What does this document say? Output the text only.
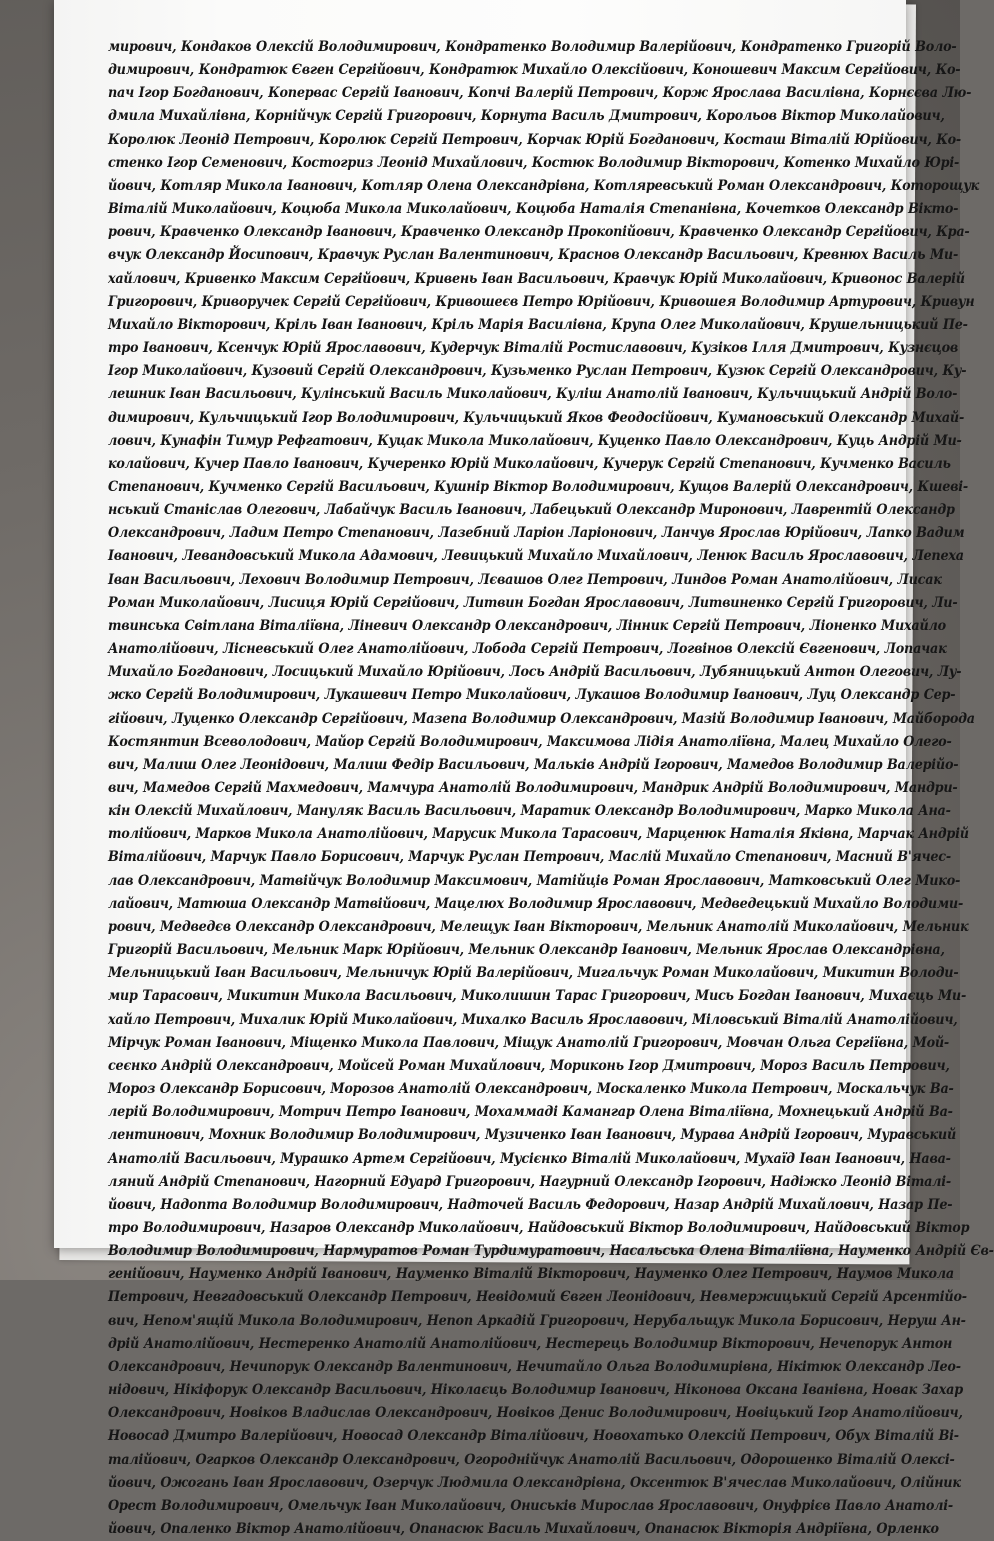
мирович, Кондаков Олексій Володимирович, Кондратенко Володимир Валерійович, Кондратенко Григорій Воло-
димирович, Кондратюк Євген Сергійович, Кондратюк Михайло Олексійович, Коношевич Максим Сергійович, Ко-
пач Ігор Богданович, Копервас Сергій Іванович, Копчі Валерій Петрович, Корж Ярослава Василівна, Корнєєва Лю-
дмила Михайлівна, Корнійчук Сергій Григорович, Корнута Василь Дмитрович, Корольов Віктор Миколайович,
Королюк Леонід Петрович, Королюк Сергій Петрович, Корчак Юрій Богданович, Косташ Віталій Юрійович, Ко-
стенко Ігор Семенович, Костогриз Леонід Михайлович, Костюк Володимир Вікторович, Котенко Михайло Юрі-
йович, Котляр Микола Іванович, Котляр Олена Олександрівна, Котляревський Роман Олександрович, Которощук
Віталій Миколайович, Коцюба Микола Миколайович, Коцюба Наталія Степанівна, Кочетков Олександр Вікто-
рович, Кравченко Олександр Іванович, Кравченко Олександр Прокопійович, Кравченко Олександр Сергійович, Кра-
вчук Олександр Йосипович, Кравчук Руслан Валентинович, Краснов Олександр Васильович, Кревнюх Василь Ми-
хайлович, Кривенко Максим Сергійович, Кривень Іван Васильович, Кравчук Юрій Миколайович, Кривонос Валерій
Григорович, Криворучек Сергій Сергійович, Кривошеєв Петро Юрійович, Кривошея Володимир Артурович, Кривун
Михайло Вікторович, Кріль Іван Іванович, Кріль Марія Василівна, Крупа Олег Миколайович, Крушельницький Пе-
тро Іванович, Ксенчук Юрій Ярославович, Кудерчук Віталій Ростиславович, Кузіков Ілля Дмитрович, Кузнєцов
Ігор Миколайович, Кузовий Сергій Олександрович, Кузьменко Руслан Петрович, Кузюк Сергій Олександрович, Ку-
лешник Іван Васильович, Кулінський Василь Миколайович, Куліш Анатолій Іванович, Кульчицький Андрій Воло-
димирович, Кульчицький Ігор Володимирович, Кульчицький Яков Феодосійович, Кумановський Олександр Михай-
лович, Кунафін Тимур Рефгатович, Куцак Микола Миколайович, Куценко Павло Олександрович, Куць Андрій Ми-
колайович, Кучер Павло Іванович, Кучеренко Юрій Миколайович, Кучерук Сергій Степанович, Кучменко Василь
Степанович, Кучменко Сергій Васильович, Кушнір Віктор Володимирович, Кущов Валерій Олександрович, Кшеві-
нський Станіслав Олегович, Лабайчук Василь Іванович, Лабецький Олександр Миронович, Лаврентій Олександр
Олександрович, Ладим Петро Степанович, Лазебний Ларіон Ларіонович, Ланчув Ярослав Юрійович, Лапко Вадим
Іванович, Левандовський Микола Адамович, Левицький Михайло Михайлович, Ленюк Василь Ярославович, Лепеха
Іван Васильович, Лехович Володимир Петрович, Лєвашов Олег Петрович, Линдов Роман Анатолійович, Лисак
Роман Миколайович, Лисиця Юрій Сергійович, Литвин Богдан Ярославович, Литвиненко Сергій Григорович, Ли-
твинська Світлана Віталіївна, Ліневич Олександр Олександрович, Лінник Сергій Петрович, Ліоненко Михайло
Анатолійович, Лісневський Олег Анатолійович, Лобода Сергій Петрович, Логвінов Олексій Євгенович, Лопачак
Михайло Богданович, Лосицький Михайло Юрійович, Лось Андрій Васильович, Лубяницький Антон Олегович, Лу-
жко Сергій Володимирович, Лукашевич Петро Миколайович, Лукашов Володимир Іванович, Луц Олександр Сер-
гійович, Луценко Олександр Сергійович, Мазепа Володимир Олександрович, Мазій Володимир Іванович, Майборода
Костянтин Всеволодович, Майор Сергій Володимирович, Максимова Лідія Анатоліївна, Малец Михайло Олего-
вич, Малиш Олег Леонідович, Малиш Федір Васильович, Мальків Андрій Ігорович, Мамедов Володимир Валерійо-
вич, Мамедов Сергій Махмедович, Мамчура Анатолій Володимирович, Мандрик Андрій Володимирович, Мандри-
кін Олексій Михайлович, Мануляк Василь Васильович, Маратик Олександр Володимирович, Марко Микола Ана-
толійович, Марков Микола Анатолійович, Марусик Микола Тарасович, Марценюк Наталія Яківна, Марчак Андрій
Віталійович, Марчук Павло Борисович, Марчук Руслан Петрович, Маслій Михайло Степанович, Масний В'ячес-
лав Олександрович, Матвійчук Володимир Максимович, Матійців Роман Ярославович, Матковський Олег Мико-
лайович, Матюша Олександр Матвійович, Мацелюх Володимир Ярославович, Медведецький Михайло Володими-
рович, Медведєв Олександр Олександрович, Мелещук Іван Вікторович, Мельник Анатолій Миколайович, Мельник
Григорій Васильович, Мельник Марк Юрійович, Мельник Олександр Іванович, Мельник Ярослав Олександрівна,
Мельницький Іван Васильович, Мельничук Юрій Валерійович, Мигальчук Роман Миколайович, Микитин Володи-
мир Тарасович, Микитин Микола Васильович, Миколишин Тарас Григорович, Мись Богдан Іванович, Михаєць Ми-
хайло Петрович, Михалик Юрій Миколайович, Михалко Василь Ярославович, Міловський Віталій Анатолійович,
Мірчук Роман Іванович, Міщенко Микола Павлович, Міщук Анатолій Григорович, Мовчан Ольга Сергіївна, Мой-
сеєнко Андрій Олександрович, Мойсей Роман Михайлович, Мориконь Ігор Дмитрович, Мороз Василь Петрович,
Мороз Олександр Борисович, Морозов Анатолій Олександрович, Москаленко Микола Петрович, Москальчук Ва-
лерій Володимирович, Мотрич Петро Іванович, Мохаммаді Камангар Олена Віталіївна, Мохнецький Андрій Ва-
лентинович, Мохник Володимир Володимирович, Музиченко Іван Іванович, Мурава Андрій Ігорович, Муравський
Анатолій Васильович, Мурашко Артем Сергійович, Мусієнко Віталій Миколайович, Мухаїд Іван Іванович, Нава-
ляний Андрій Степанович, Нагорний Едуард Григорович, Нагурний Олександр Ігорович, Надіжко Леонід Віталі-
йович, Надопта Володимир Володимирович, Надточей Василь Федорович, Назар Андрій Михайлович, Назар Пе-
тро Володимирович, Назаров Олександр Миколайович, Найдовський Віктор Володимирович, Найдовський Віктор
Володимир Володимирович, Нармуратов Роман Турдимуратович, Насальська Олена Віталіївна, Науменко Андрій Єв-
генійович, Науменко Андрій Іванович, Науменко Віталій Вікторович, Науменко Олег Петрович, Наумов Микола
Петрович, Невгадовський Олександр Петрович, Невідомий Євген Леонідович, Невмержицький Сергій Арсентійо-
вич, Непом'ящій Микола Володимирович, Непоп Аркадій Григорович, Нерубальщук Микола Борисович, Неруш Ан-
дрій Анатолійович, Нестеренко Анатолій Анатолійович, Нестерець Володимир Вікторович, Нечепорук Антон
Олександрович, Нечипорук Олександр Валентинович, Нечитайло Ольга Володимирівна, Нікітюк Олександр Лео-
нідович, Нікіфорук Олександр Васильович, Ніколаєць Володимир Іванович, Ніконова Оксана Іванівна, Новак Захар
Олександрович, Новіков Владислав Олександрович, Новіков Денис Володимирович, Новіцький Ігор Анатолійович,
Новосад Дмитро Валерійович, Новосад Олександр Віталійович, Новохатько Олексій Петрович, Обух Віталій Ві-
талійович, Огарков Олександр Олександрович, Огороднійчук Анатолій Васильович, Одорошенко Віталій Олексі-
йович, Ожогань Іван Ярославович, Озерчук Людмила Олександрівна, Оксентюк В'ячеслав Миколайович, Олійник
Орест Володимирович, Омельчук Іван Миколайович, Ониськів Мирослав Ярославович, Онуфрієв Павло Анатолі-
йович, Опаленко Віктор Анатолійович, Опанасюк Василь Михайлович, Опанасюк Вікторія Андріївна, Орленко
